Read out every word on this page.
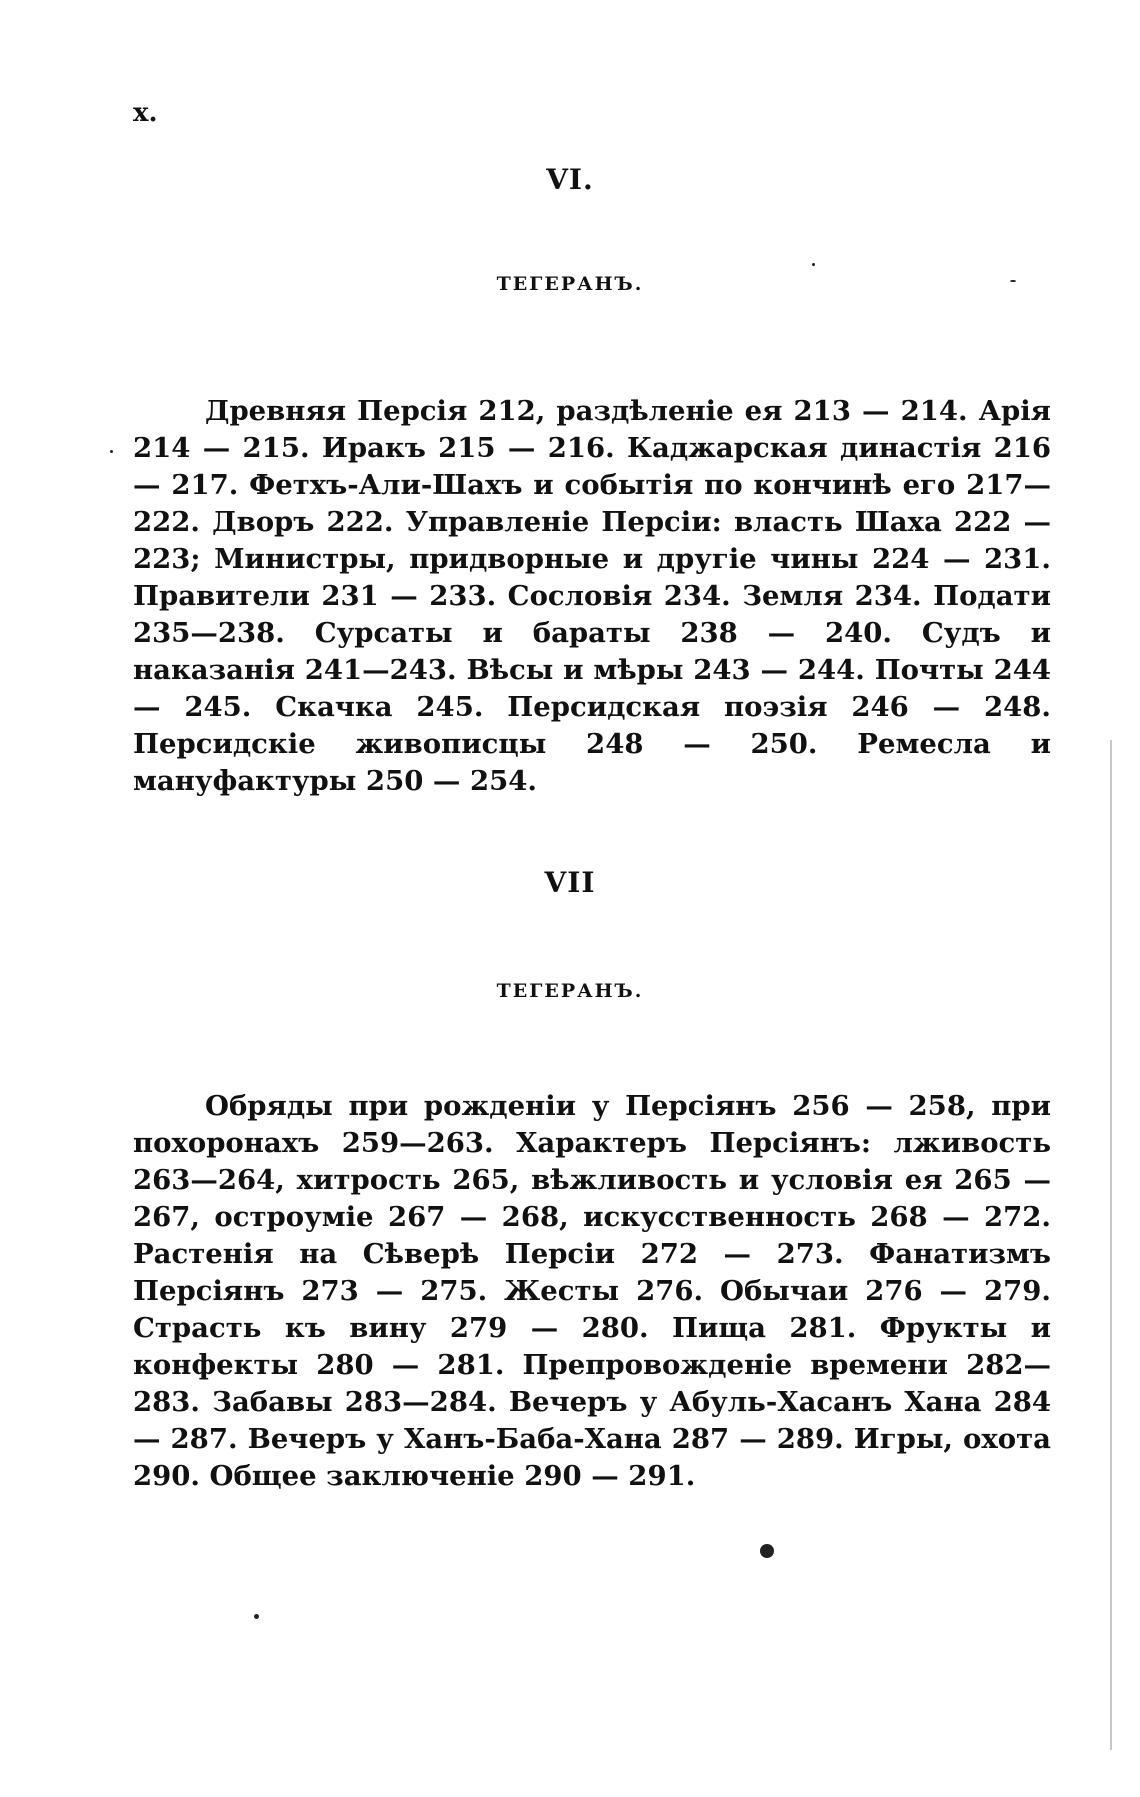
x.
VI.
ТЕГЕРАНЪ.

Древняя Персія 212, раздѣленіе ея 213 — 214. Арія 214 — 215. Иракъ 215 — 216. Каджарская династія 216 — 217. Фетхъ-Али-Шахъ и событія по кончинѣ его 217—222. Дворъ 222. Управленіе Персіи: власть Шаха 222 — 223; Министры, придворные и другіе чины 224 — 231. Правители 231 — 233. Сословія 234. Земля 234. Подати 235—238. Сурсаты и бараты 238 — 240. Судъ и наказанія 241—243. Вѣсы и мѣры 243 — 244. Почты 244 — 245. Скачка 245. Персидская поэзія 246 — 248. Персидскіе живописцы 248 — 250. Ремесла и мануфактуры 250 — 254.

VII
ТЕГЕРАНЪ.

Обряды при рожденіи у Персіянъ 256 — 258, при похоронахъ 259—263. Характеръ Персіянъ: лживость 263—264, хитрость 265, вѣжливость и условія ея 265 — 267, остроуміе 267 — 268, искусственность 268 — 272. Растенія на Сѣверѣ Персіи 272 — 273. Фанатизмъ Персіянъ 273 — 275. Жесты 276. Обычаи 276 — 279. Страсть къ вину 279 — 280. Пища 281. Фрукты и конфекты 280 — 281. Препровожденіе времени 282—283. Забавы 283—284. Вечеръ у Абуль-Хасанъ Хана 284 — 287. Вечеръ у Ханъ-Баба-Хана 287 — 289. Игры, охота 290. Общее заключеніе 290 — 291.
